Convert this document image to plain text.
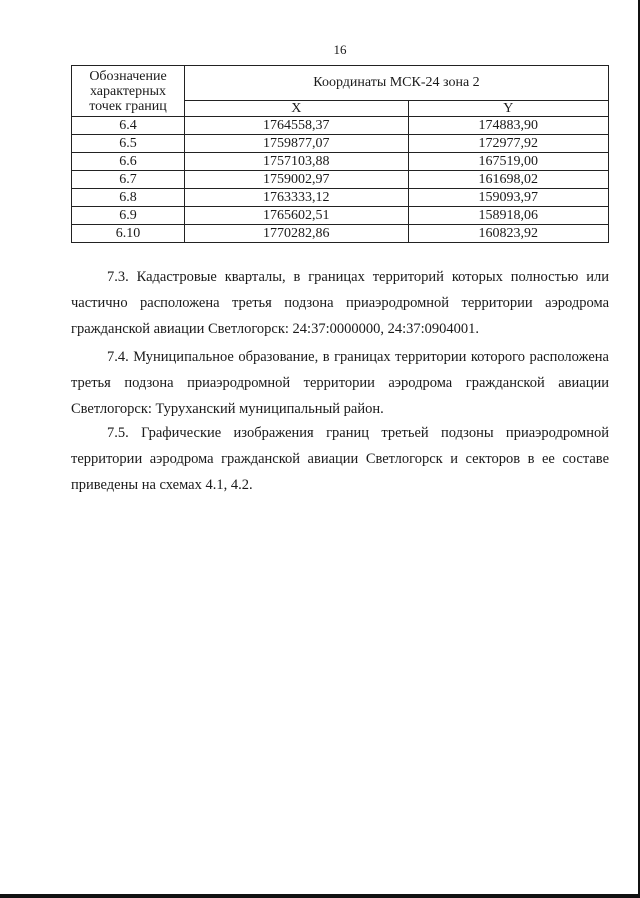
16
Обозначение характерных точек границ	Координаты МСК-24 зона 2	
	X	Y
6.4	1764558,37	174883,90
6.5	1759877,07	172977,92
6.6	1757103,88	167519,00
6.7	1759002,97	161698,02
6.8	1763333,12	159093,97
6.9	1765602,51	158918,06
6.10	1770282,86	160823,92

7.3. Кадастровые кварталы, в границах территорий которых полностью или частично расположена третья подзона приаэродромной территории аэродрома гражданской авиации Светлогорск: 24:37:0000000, 24:37:0904001.

7.4. Муниципальное образование, в границах территории которого расположена третья подзона приаэродромной территории аэродрома гражданской авиации Светлогорск: Туруханский муниципальный район.

7.5. Графические изображения границ третьей подзоны приаэродромной территории аэродрома гражданской авиации Светлогорск и секторов в ее составе приведены на схемах 4.1, 4.2.
